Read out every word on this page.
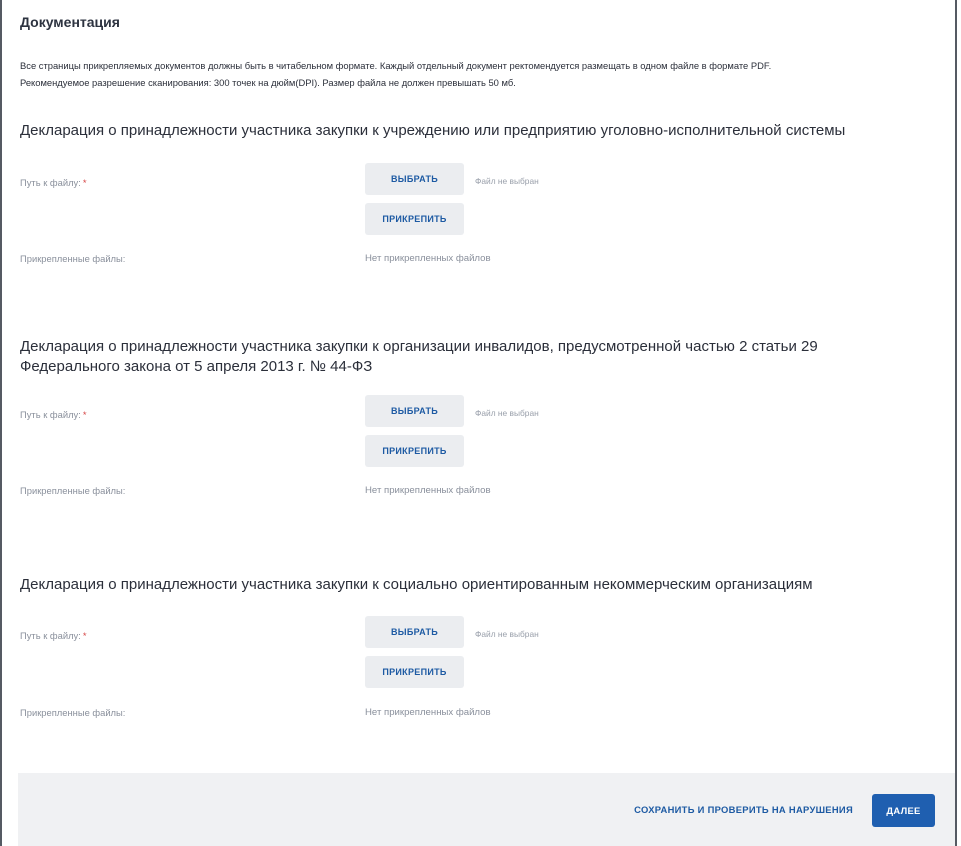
Документация
Все страницы прикрепляемых документов должны быть в читабельном формате. Каждый отдельный документ ректомендуется размещать в одном файле в формате PDF.
Рекомендуемое разрешение сканирования: 300 точек на дюйм(DPI). Размер файла не должен превышать 50 мб.
Декларация о принадлежности участника закупки к учреждению или предприятию уголовно-исполнительной системы
Путь к файлу: *	ВЫБРАТЬ	Файл не выбран
ПРИКРЕПИТЬ
Прикрепленные файлы:	Нет прикрепленных файлов
Декларация о принадлежности участника закупки к организации инвалидов, предусмотренной частью 2 статьи 29 Федерального закона от 5 апреля 2013 г. № 44-ФЗ
Путь к файлу: *	ВЫБРАТЬ	Файл не выбран
ПРИКРЕПИТЬ
Прикрепленные файлы:	Нет прикрепленных файлов
Декларация о принадлежности участника закупки к социально ориентированным некоммерческим организациям
Путь к файлу: *	ВЫБРАТЬ	Файл не выбран
ПРИКРЕПИТЬ
Прикрепленные файлы:	Нет прикрепленных файлов
СОХРАНИТЬ И ПРОВЕРИТЬ НА НАРУШЕНИЯ	ДАЛЕЕ
